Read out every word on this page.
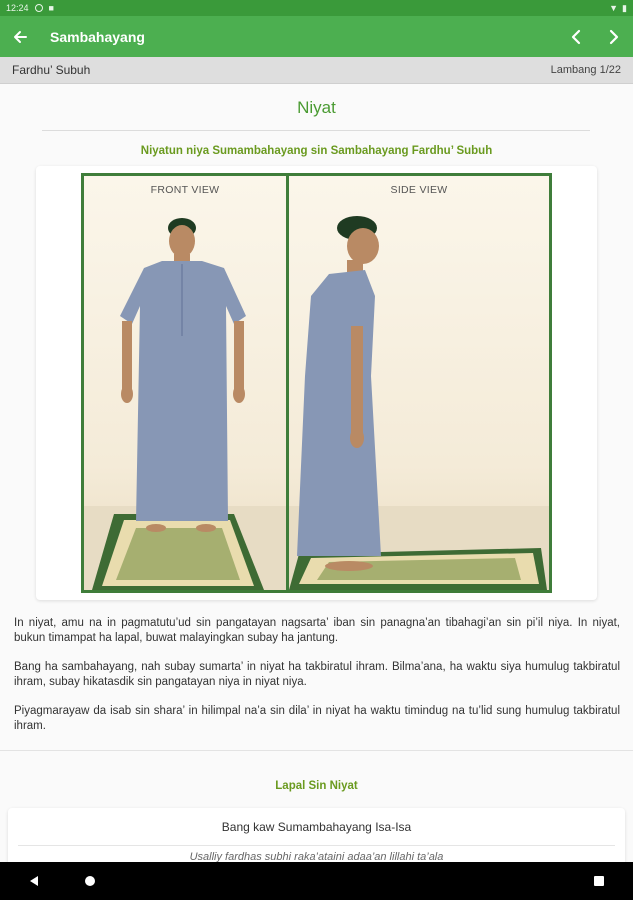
12:24 ■	▼ ▮
Sambahayang
Fardhu’ Subuh	Lambang 1/22
Niyat
Niyatun niya Sumambahayang sin Sambahayang Fardhu’ Subuh
FRONT VIEW	SIDE VIEW

In niyat, amu na in pagmatutu’ud sin pangatayan nagsarta’ iban sin panagna’an tibahagi’an sin pi’il niya. In niyat, bukun timampat ha lapal, buwat malayingkan subay ha jantung.

Bang ha sambahayang, nah subay sumarta’ in niyat ha takbiratul ihram. Bilma’ana, ha waktu siya humulug takbiratul ihram, subay hikatasdik sin pangatayan niya in niyat niya.

Piyagmarayaw da isab sin shara’ in hilimpal na’a sin dila’ in niyat ha waktu timindug na tu’lid sung humulug takbiratul ihram.

Lapal Sin Niyat
Bang kaw Sumambahayang Isa-Isa
Usalliy fardhas subhi raka’ataini adaa’an lillahi ta’ala
